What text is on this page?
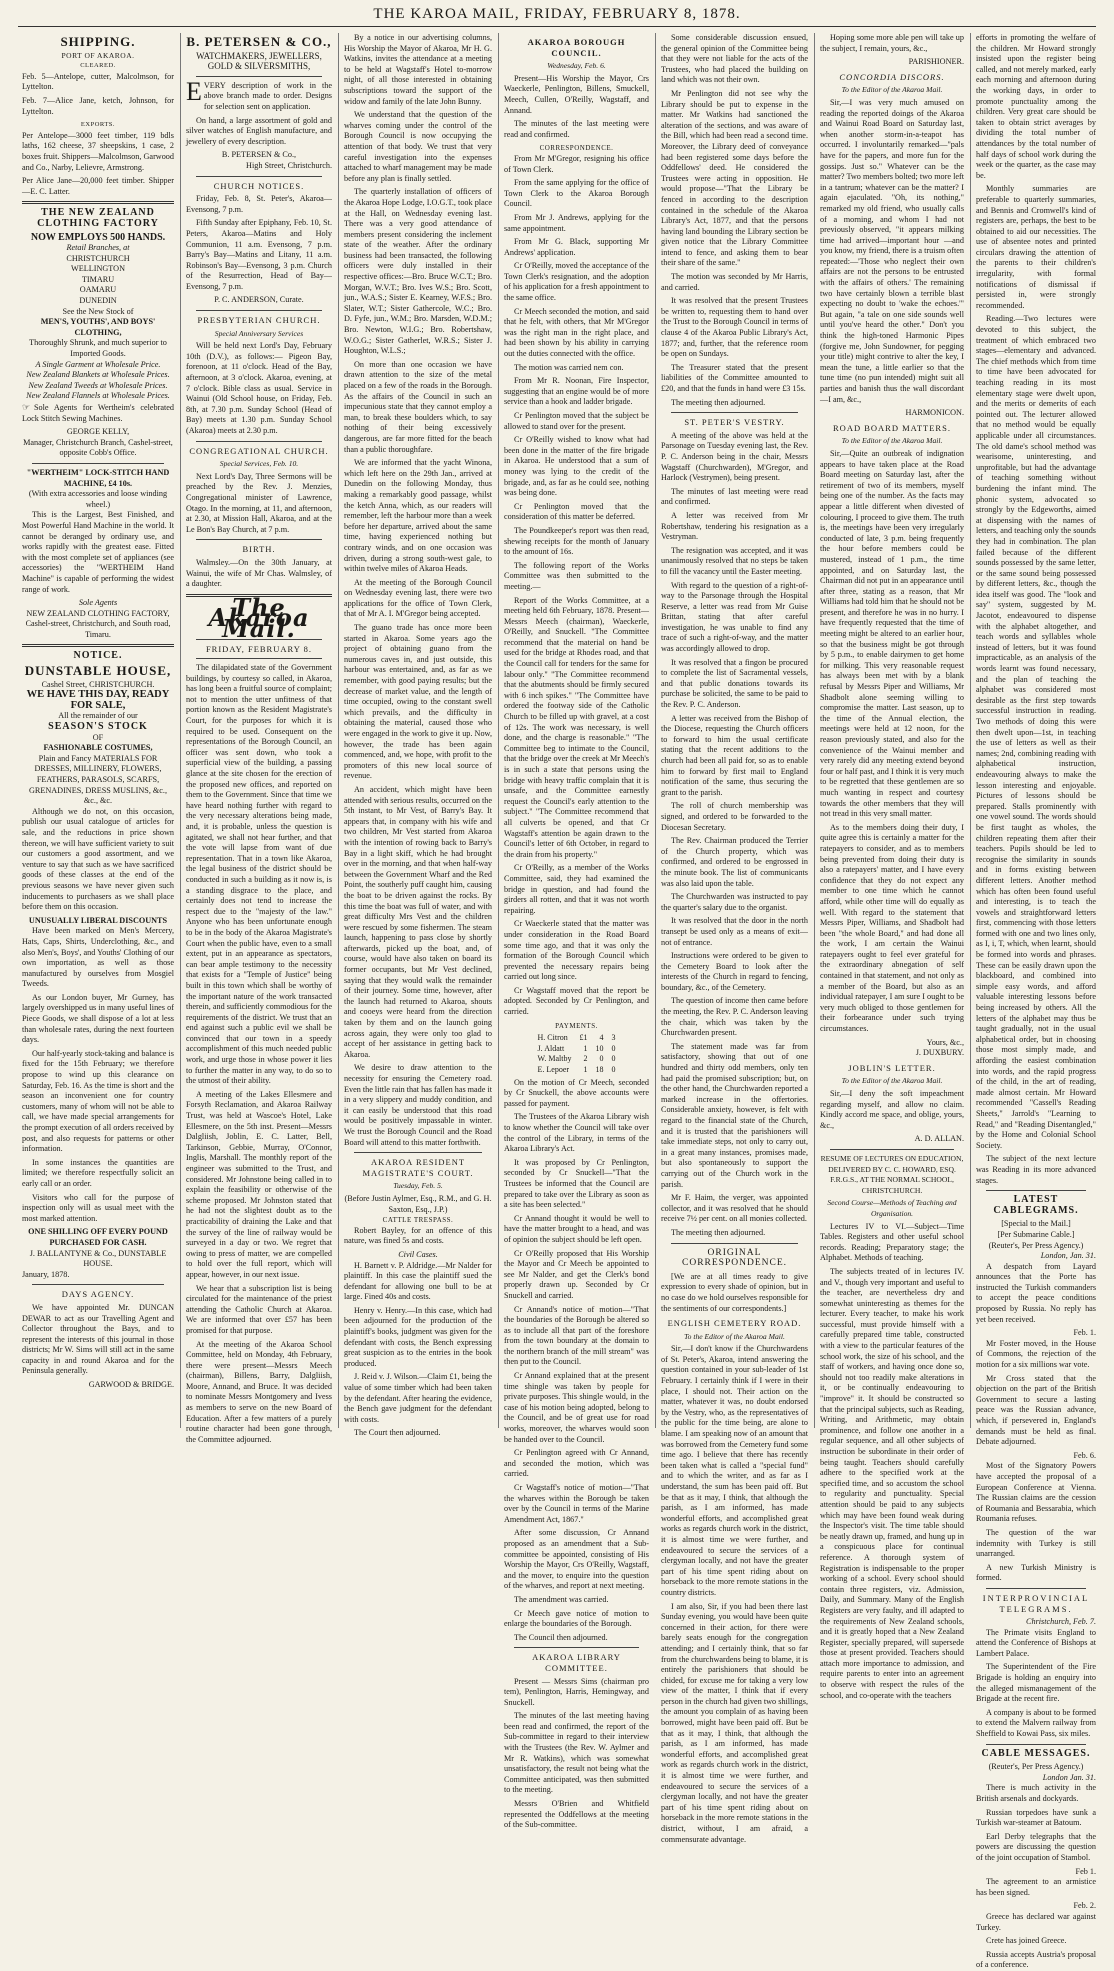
THE KAROA MAIL, FRIDAY, FEBRUARY 8, 1878.
SHIPPING.
PORT OF AKAROA.
CLEARED.

Feb. 5—Antelope, cutter, Malcolmson, for Lyttelton.

Feb. 7—Alice Jane, ketch, Johnson, for Lyttelton.

EXPORTS.

Per Antelope—3000 feet timber, 119 bdls laths, 162 cheese, 37 sheepskins, 1 case, 2 boxes fruit. Shippers—Malcolmson, Garwood and Co., Narby, Lelievre, Armstrong.

Per Alice Jane—20,000 feet timber. Shipper—E. C. Latter.

THE NEW ZEALAND CLOTHING FACTORY
NOW EMPLOYS 500 HANDS.
Retail Branches, at
CHRISTCHURCH
WELLINGTON
TIMARU
OAMARU
DUNEDIN
See the New Stock of
MEN'S, YOUTHS', AND BOYS' CLOTHING,
Thoroughly Shrunk, and much superior to Imported Goods.
A Single Garment at Wholesale Price.
New Zealand Blankets at Wholesale Prices.
New Zealand Tweeds at Wholesale Prices.
New Zealand Flannels at Wholesale Prices.

☞ Sole Agents for Wertheim's celebrated Lock Stitch Sewing Machines.

GEORGE KELLY,
Manager, Christchurch Branch, Cashel-street, opposite Cobb's Office.
"WERTHEIM" LOCK-STITCH HAND MACHINE, £4 10s.
(With extra accessories and loose winding wheel.)

This is the Largest, Best Finished, and Most Powerful Hand Machine in the world. It cannot be deranged by ordinary use, and works rapidly with the greatest ease. Fitted with the most complete set of appliances (see accessories) the "WERTHEIM Hand Machine" is capable of performing the widest range of work.

Sole Agents
NEW ZEALAND CLOTHING FACTORY, Cashel-street, Christchurch, and South road, Timaru.
NOTICE.
DUNSTABLE HOUSE,
Cashel Street, CHRISTCHURCH.
WE HAVE THIS DAY, READY FOR SALE,
All the remainder of our
SEASON'S STOCK
OF
FASHIONABLE COSTUMES,
Plain and Fancy MATERIALS FOR DRESSES, MILLINERY, FLOWERS, FEATHERS, PARASOLS, SCARFS, GRENADINES, DRESS MUSLINS, &c., &c., &c.

Although we do not, on this occasion, publish our usual catalogue of articles for sale, and the reductions in price shown thereon, we will have sufficient variety to suit our customers a good assortment, and we venture to say that such as we have sacrificed goods of these classes at the end of the previous seasons we have never given such inducements to purchasers as we shall place before them on this occasion.

UNUSUALLY LIBERAL DISCOUNTS

Have been marked on Men's Mercery, Hats, Caps, Shirts, Underclothing, &c., and also Men's, Boys', and Youths' Clothing of our own importation, as well as those manufactured by ourselves from Mosgiel Tweeds.

As our London buyer, Mr Gurney, has largely overshipped us in many useful lines of Piece Goods, we shall dispose of a lot at less than wholesale rates, during the next fourteen days.

Our half-yearly stock-taking and balance is fixed for the 15th February; we therefore propose to wind up this clearance on Saturday, Feb. 16. As the time is short and the season an inconvenient one for country customers, many of whom will not be able to call, we have made special arrangements for the prompt execution of all orders received by post, and also requests for patterns or other information.

In some instances the quantities are limited; we therefore respectfully solicit an early call or an order.

Visitors who call for the purpose of inspection only will as usual meet with the most marked attention.

ONE SHILLING OFF EVERY POUND PURCHASED FOR CASH.
J. BALLANTYNE & Co., DUNSTABLE HOUSE.
January, 1878.
DAYS AGENCY.

We have appointed Mr. DUNCAN DEWAR to act as our Travelling Agent and Collector throughout the Bays, and to represent the interests of this journal in those districts; Mr W. Sims will still act in the same capacity in and round Akaroa and for the Peninsula generally.

GARWOOD & BRIDGE.
B. PETERSEN & CO.,
WATCHMAKERS, JEWELLERS, GOLD & SILVERSMITHS,

EVERY description of work in the above branch made to order. Designs for selection sent on application.

On hand, a large assortment of gold and silver watches of English manufacture, and jewellery of every description.

B. PETERSEN & Co.,
High Street, Christchurch.
CHURCH NOTICES.

Friday, Feb. 8, St. Peter's, Akaroa—Evensong, 7 p.m.

Fifth Sunday after Epiphany, Feb. 10, St. Peters, Akaroa—Matins and Holy Communion, 11 a.m. Evensong, 7 p.m. Barry's Bay—Matins and Litany, 11 a.m. Robinson's Bay—Evensong, 3 p.m. Church of the Resurrection, Head of Bay—Evensong, 7 p.m.

P. C. ANDERSON, Curate.
PRESBYTERIAN CHURCH.
Special Anniversary Services

Will be held next Lord's Day, February 10th (D.V.), as follows:— Pigeon Bay, forenoon, at 11 o'clock. Head of the Bay, afternoon, at 3 o'clock. Akaroa, evening, at 7 o'clock. Bible class as usual. Service in Wainui (Old School house, on Friday, Feb. 8th, at 7.30 p.m. Sunday School (Head of Bay) meets at 1.30 p.m. Sunday School (Akaroa) meets at 2.30 p.m.

CONGREGATIONAL CHURCH.
Special Services, Feb. 10.

Next Lord's Day, Three Sermons will be preached by the Rev. J. Menzies, Congregational minister of Lawrence, Otago. In the morning, at 11, and afternoon, at 2.30, at Mission Hall, Akaroa, and at the Le Bon's Bay Church, at 7 p.m.

BIRTH.

Walmsley.—On the 30th January, at Wainui, the wife of Mr Chas. Walmsley, of a daughter.

The Akaroa Mail.
FRIDAY, FEBRUARY 8.

The dilapidated state of the Government buildings, by courtesy so called, in Akaroa, has long been a fruitful source of complaint; not to mention the utter unfitness of that portion known as the Resident Magistrate's Court, for the purposes for which it is required to be used. Consequent on the representations of the Borough Council, an officer was sent down, who took a superficial view of the building, a passing glance at the site chosen for the erection of the proposed new offices, and reported on them to the Government. Since that time we have heard nothing further with regard to the very necessary alterations being made, and, it is probable, unless the question is agitated, we shall not hear further, and that the vote will lapse from want of due representation. That in a town like Akaroa, the legal business of the district should be conducted in such a building as it now is, is a standing disgrace to the place, and certainly does not tend to increase the respect due to the "majesty of the law." Anyone who has been unfortunate enough to be in the body of the Akaroa Magistrate's Court when the public have, even to a small extent, put in an appearance as spectators, can bear ample testimony to the necessity that exists for a "Temple of Justice" being built in this town which shall be worthy of the important nature of the work transacted therein, and sufficiently commodious for the requirements of the district. We trust that an end against such a public evil we shall be convinced that our town in a speedy accomplishment of this much needed public work, and urge those in whose power it lies to further the matter in any way, to do so to the utmost of their ability.

A meeting of the Lakes Ellesmere and Forsyth Reclamation, and Akaroa Railway Trust, was held at Wascoe's Hotel, Lake Ellesmere, on the 5th inst. Present—Messrs Dalgliish, Joblin, E. C. Latter, Bell, Tarkinson, Gebbie, Murray, O'Connor, Inglis, Marshall. The monthly report of the engineer was submitted to the Trust, and considered. Mr Johnstone being called in to explain the feasibility or otherwise of the scheme proposed. Mr Johnston stated that he had not the slightest doubt as to the practicability of draining the Lake and that the survey of the line of railway would be surveyed in a day or two. We regret that owing to press of matter, we are compelled to hold over the full report, which will appear, however, in our next issue.

We hear that a subscription list is being circulated for the maintenance of the priest attending the Catholic Church at Akaroa. We are informed that over £57 has been promised for that purpose.

At the meeting of the Akaroa School Committee, held on Monday, 4th February, there were present—Messrs Meech (chairman), Billens, Barry, Dalgliish, Moore, Annand, and Bruce. It was decided to nominate Messrs Montgomery and Ivess as members to serve on the new Board of Education. After a few matters of a purely routine character had been gone through, the Committee adjourned.

By a notice in our advertising columns, His Worship the Mayor of Akaroa, Mr H. G. Watkins, invites the attendance at a meeting to be held at Wagstaff's Hotel to-morrow night, of all those interested in obtaining subscriptions toward the support of the widow and family of the late John Bunny.

We understand that the question of the wharves coming under the control of the Borough Council is now occupying the attention of that body. We trust that very careful investigation into the expenses attached to wharf management may be made before any plan is finally settled.

The quarterly installation of officers of the Akaroa Hope Lodge, I.O.G.T., took place at the Hall, on Wednesday evening last. There was a very good attendance of members present considering the inclement state of the weather. After the ordinary business had been transacted, the following officers were duly installed in their respective offices:—Bro. Bruce W.C.T.; Bro. Morgan, W.V.T.; Bro. Ives W.S.; Bro. Scott, jun., W.A.S.; Sister E. Kearney, W.F.S.; Bro. Slater, W.T.; Sister Gathercole, W.C.; Bro. D. Fyfe, jun., W.M.; Bro. Marsden, W.D.M.; Bro. Newton, W.I.G.; Bro. Robertshaw, W.O.G.; Sister Gatherlet, W.R.S.; Sister J. Houghton, W.L.S.;

On more than one occasion we have drawn attention to the size of the metal placed on a few of the roads in the Borough. As the affairs of the Council in such an impecunious state that they cannot employ a man, to break these boulders which, to say nothing of their being excessively dangerous, are far more fitted for the beach than a public thoroughfare.

We are informed that the yacht Winona, which left here on the 29th Jan., arrived at Dunedin on the following Monday, thus making a remarkably good passage, whilst the ketch Anna, which, as our readers will remember, left the harbour more than a week before her departure, arrived about the same time, having experienced nothing but contrary winds, and on one occasion was driven, during a strong south-west gale, to within twelve miles of Akaroa Heads.

At the meeting of the Borough Council on Wednesday evening last, there were two applications for the office of Town Clerk, that of Mr A. I. M'Gregor being accepted.

The guano trade has once more been started in Akaroa. Some years ago the project of obtaining guano from the numerous caves in, and just outside, this harbour was entertained, and, as far as we remember, with good paying results; but the decrease of market value, and the length of time occupied, owing to the constant swell which prevails, and the difficulty in obtaining the material, caused those who were engaged in the work to give it up. Now, however, the trade has been again commenced, and, we hope, with profit to the promoters of this new local source of revenue.

An accident, which might have been attended with serious results, occurred on the 5th instant, to Mr Vest, of Barry's Bay. It appears that, in company with his wife and two children, Mr Vest started from Akaroa with the intention of rowing back to Barry's Bay in a light skiff, which he had brought over in the morning, and that when half-way between the Government Wharf and the Red Point, the southerly puff caught him, causing the boat to be driven against the rocks. By this time the boat was full of water, and with great difficulty Mrs Vest and the children were rescued by some fishermen. The steam launch, happening to pass close by shortly afterwards, picked up the boat, and, of course, would have also taken on board its former occupants, but Mr Vest declined, saying that they would walk the remainder of their journey. Some time, however, after the launch had returned to Akaroa, shouts and cooeys were heard from the direction taken by them and on the launch going across again, they were only too glad to accept of her assistance in getting back to Akaroa.

We desire to draw attention to the necessity for ensuring the Cemetery road. Even the little rain that has fallen has made it in a very slippery and muddy condition, and it can easily be understood that this road would be positively impassable in winter. We trust the Borough Council and the Road Board will attend to this matter forthwith.

AKAROA RESIDENT MAGISTRATE'S COURT.
Tuesday, Feb. 5.
(Before Justin Aylmer, Esq., R.M., and G. H. Saxton, Esq., J.P.)
CATTLE TRESPASS.

Robert Bayley, for an offence of this nature, was fined 5s and costs.

Civil Cases.

H. Barnett v. P. Aldridge.—Mr Nalder for plaintiff. In this case the plaintiff sued the defendant for allowing one bull to be at large. Fined 40s and costs.

Henry v. Henry.—In this case, which had been adjourned for the production of the plaintiff's books, judgment was given for the defendant with costs, the Bench expressing great suspicion as to the entries in the book produced.

J. Reid v. J. Wilson.—Claim £1, being the value of some timber which had been taken by the defendant. After hearing the evidence, the Bench gave judgment for the defendant with costs.

The Court then adjourned.

AKAROA BOROUGH COUNCIL.
Wednesday, Feb. 6.

Present—His Worship the Mayor, Crs Waeckerle, Penlington, Billens, Smuckell, Meech, Cullen, O'Reilly, Wagstaff, and Annand.

The minutes of the last meeting were read and confirmed.

CORRESPONDENCE.

From Mr M'Gregor, resigning his office of Town Clerk.

From the same applying for the office of Town Clerk to the Akaroa Borough Council.

From Mr J. Andrews, applying for the same appointment.

From Mr G. Black, supporting Mr Andrews' application.

Cr O'Reilly, moved the acceptance of the Town Clerk's resignation, and the adoption of his application for a fresh appointment to the same office.

Cr Meech seconded the motion, and said that he felt, with others, that Mr M'Gregor was the right man in the right place, and had been shown by his ability in carrying out the duties connected with the office.

The motion was carried nem con.

From Mr R. Noonan, Fire Inspector, suggesting that an engine would be of more service than a hook and ladder brigade.

Cr Penlington moved that the subject be allowed to stand over for the present.

Cr O'Reilly wished to know what had been done in the matter of the fire brigade in Akaroa. He understood that a sum of money was lying to the credit of the brigade, and, as far as he could see, nothing was being done.

Cr Penlington moved that the consideration of this matter be deferred.

The Poundkeeper's report was then read, shewing receipts for the month of January to the amount of 16s.

The following report of the Works Committee was then submitted to the meeting.—

Report of the Works Committee, at a meeting held 6th February, 1878. Present—Messrs Meech (chairman), Waeckerle, O'Reilly, and Snuckell. "The Committee recommend that the material on hand be used for the bridge at Rhodes road, and that the Council call for tenders for the same for labour only." "The Committee recommend that the abutments should be firmly secured with 6 inch spikes." "The Committee have ordered the footway side of the Catholic Church to be filled up with gravel, at a cost of 12s. The work was necessary, is well done, and the charge is reasonable." "The Committee beg to intimate to the Council, that the bridge over the creek at Mr Meech's is in such a state that persons using the bridge with heavy traffic complain that it is unsafe, and the Committee earnestly request the Council's early attention to the subject." "The Committee recommend that all culverts be opened, and that Cr Wagstaff's attention be again drawn to the Council's letter of 6th October, in regard to the drain from his property."

Cr O'Reilly, as a member of the Works Committee, said, they had examined the bridge in question, and had found the girders all rotten, and that it was not worth repairing.

Cr Waeckerle stated that the matter was under consideration in the Road Board some time ago, and that it was only the formation of the Borough Council which prevented the necessary repairs being carried out long since.

Cr Wagstaff moved that the report be adopted. Seconded by Cr Penlington, and carried.

PAYMENTS.
H. Citron	£1	4	3
J. Aldatt	1	10	0
W. Maltby	2	0	0
E. Lepoer	1	18	0

On the motion of Cr Meech, seconded by Cr Snuckell, the above accounts were passed for payment.

The Trustees of the Akaroa Library wish to know whether the Council will take over the control of the Library, in terms of the Akaroa Library's Act.

It was proposed by Cr Penlington, seconded by Cr Snuckell—"That the Trustees be informed that the Council are prepared to take over the Library as soon as a site has been selected."

Cr Annand thought it would be well to have the matter brought to a head, and was of opinion the subject should be left open.

Cr O'Reilly proposed that His Worship the Mayor and Cr Meech be appointed to see Mr Nalder, and get the Clerk's bond properly drawn up. Seconded by Cr Snuckell and carried.

Cr Annand's notice of motion—"That the boundaries of the Borough be altered so as to include all that part of the foreshore from the town boundary at the domain to the northern branch of the mill stream" was then put to the Council.

Cr Annand explained that at the present time shingle was taken by people for private purposes. This shingle would, in the case of his motion being adopted, belong to the Council, and be of great use for road works, moreover, the wharves would soon be handed over to the Council.

Cr Penlington agreed with Cr Annand, and seconded the motion, which was carried.

Cr Wagstaff's notice of motion—"That the wharves within the Borough be taken over by the Council in terms of the Marine Amendment Act, 1867."

After some discussion, Cr Annand proposed as an amendment that a Sub-committee be appointed, consisting of His Worship the Mayor, Crs O'Reilly, Wagstaff, and the mover, to enquire into the question of the wharves, and report at next meeting.

The amendment was carried.

Cr Meech gave notice of motion to enlarge the boundaries of the Borough.

The Council then adjourned.

AKAROA LIBRARY COMMITTEE.

Present — Messrs Sims (chairman pro tem), Penlington, Harris, Hemingway, and Snuckell.

The minutes of the last meeting having been read and confirmed, the report of the Sub-committee in regard to their interview with the Trustees (the Rev. W. Aylmer and Mr R. Watkins), which was somewhat unsatisfactory, the result not being what the Committee anticipated, was then submitted to the meeting.

Messrs O'Brien and Whitfield represented the Oddfellows at the meeting of the Sub-committee.

Some considerable discussion ensued, the general opinion of the Committee being that they were not liable for the acts of the Trustees, who had placed the building on land which was not their own.

Mr Penlington did not see why the Library should be put to expense in the matter. Mr Watkins had sanctioned the alteration of the sections, and was aware of the Bill, which had been read a second time. Moreover, the Library deed of conveyance had been registered some days before the Oddfellows' deed. He considered the Trustees were acting in opposition. He would propose—"That the Library be fenced in according to the description contained in the schedule of the Akaroa Library's Act, 1877, and that the persons having land bounding the Library section be given notice that the Library Committee intend to fence, and asking them to bear their share of the same."

The motion was seconded by Mr Harris, and carried.

It was resolved that the present Trustees be written to, requesting them to hand over the Trust to the Borough Council in terms of clause 4 of the Akaroa Public Library's Act, 1877; and, further, that the reference room be open on Sundays.

The Treasurer stated that the present liabilities of the Committee amounted to £20, and that the funds in hand were £3 15s.

The meeting then adjourned.

ST. PETER'S VESTRY.

A meeting of the above was held at the Parsonage on Tuesday evening last, the Rev. P. C. Anderson being in the chair, Messrs Wagstaff (Churchwarden), M'Gregor, and Harlock (Vestrymen), being present.

The minutes of last meeting were read and confirmed.

A letter was received from Mr Robertshaw, tendering his resignation as a Vestryman.

The resignation was accepted, and it was unanimously resolved that no steps be taken to fill the vacancy until the Easter meeting.

With regard to the question of a right-of-way to the Parsonage through the Hospital Reserve, a letter was read from Mr Guise Brittan, stating that after careful investigation, he was unable to find any trace of such a right-of-way, and the matter was accordingly allowed to drop.

It was resolved that a fingon be procured to complete the list of Sacramental vessels, and that public donations towards its purchase be solicited, the same to be paid to the Rev. P. C. Anderson.

A letter was received from the Bishop of the Diocese, requesting the Church officers to forward to him the usual certificate stating that the recent additions to the church had been all paid for, so as to enable him to forward by first mail to England notification of the same, thus securing the grant to the parish.

The roll of church membership was signed, and ordered to be forwarded to the Diocesan Secretary.

The Rev. Chairman produced the Terrier of the Church property, which was confirmed, and ordered to be engrossed in the minute book. The list of communicants was also laid upon the table.

The Churchwarden was instructed to pay the quarter's salary due to the organist.

It was resolved that the door in the north transept be used only as a means of exit—not of entrance.

Instructions were ordered to be given to the Cemetery Board to look after the interests of the Church in regard to fencing, boundary, &c., of the Cemetery.

The question of income then came before the meeting, the Rev. P. C. Anderson leaving the chair, which was taken by the Churchwarden present.

The statement made was far from satisfactory, showing that out of one hundred and thirty odd members, only ten had paid the promised subscription; but, on the other hand, the Churchwarden reported a marked increase in the offertories. Considerable anxiety, however, is felt with regard to the financial state of the Church, and it is trusted that the parishioners will take immediate steps, not only to carry out, in a great many instances, promises made, but also spontaneously to support the carrying out of the Church work in the parish.

Mr F. Haim, the verger, was appointed collector, and it was resolved that he should receive 7½ per cent. on all monies collected.

The meeting then adjourned.

ORIGINAL CORRESPONDENCE.

[We are at all times ready to give expression to every shade of opinion, but in no case do we hold ourselves responsible for the sentiments of our correspondents.]

ENGLISH CEMETERY ROAD.
To the Editor of the Akaroa Mail.

Sir,—I don't know if the Churchwardens of St. Peter's, Akaroa, intend answering the question contained in your sub-leader of 1st February. I certainly think if I were in their place, I should not. Their action on the matter, whatever it was, no doubt endorsed by the Vestry, who, as the representatives of the public for the time being, are alone to blame. I am speaking now of an amount that was borrowed from the Cemetery fund some time ago. I believe that there has recently been taken what is called a "special fund" and to which the writer, and as far as I understand, the sum has been paid off. But be that as it may, I think, that although the parish, as I am informed, has made wonderful efforts, and accomplished great works as regards church work in the district, it is almost time we were further, and endeavoured to secure the services of a clergyman locally, and not have the greater part of his time spent riding about on horseback to the more remote stations in the country districts.

I am also, Sir, if you had been there last Sunday evening, you would have been quite concerned in their action, for there were barely seats enough for the congregation attending; and I certainly think, that so far from the churchwardens being to blame, it is entirely the parishioners that should be chided, for excuse me for taking a very low view of the matter, I think that if every person in the church had given two shillings, the amount you complain of as having been borrowed, might have been paid off. But be that as it may, I think, that although the parish, as I am informed, has made wonderful efforts, and accomplished great work as regards church work in the district, it is almost time we were further, and endeavoured to secure the services of a clergyman locally, and not have the greater part of his time spent riding about on horseback in the more remote stations in the district, without, I am afraid, a commensurate advantage.

Hoping some more able pen will take up the subject, I remain, yours, &c.,

PARISHIONER.
CONCORDIA DISCORS.
To the Editor of the Akaroa Mail.

Sir,—I was very much amused on reading the reported doings of the Akaroa and Wainui Road Board on Saturday last, when another storm-in-a-teapot has occurred. I involuntarily remarked—"pals have for the papers, and more fun for the gossips. Just so." Whatever can be the matter? Two members bolted; two more left in a tantrum; whatever can be the matter? I again ejaculated. "Oh, its nothing," remarked my old friend, who usually calls of a morning, and whom I had not previously observed, "it appears milking time had arrived—important hour —and you know, my friend, there is a truism often repeated:—'Those who neglect their own affairs are not the persons to be entrusted with the affairs of others.' The remaining two have certainly blown a terrible blast expecting no doubt to 'wake the echoes.'" But again, "a tale on one side sounds well until you've heard the other." Don't you think the high-toned Harmonic Pipes (forgive me, John Sundowner, for pegging your title) might contrive to alter the key, I mean the tune, a little earlier so that the tune time (no pun intended) might suit all parties and banish thus the wall discordant—I am, &c.,

HARMONICON.
ROAD BOARD MATTERS.
To the Editor of the Akaroa Mail.

Sir,—Quite an outbreak of indignation appears to have taken place at the Road Board meeting on Saturday last, after the retirement of two of its members, myself being one of the number. As the facts may appear a little different when divested of colouring, I proceed to give them. The truth is, the meetings have been very irregularly conducted of late, 3 p.m. being frequently the hour before members could be mustered, instead of 1 p.m., the time appointed, and on Saturday last, the Chairman did not put in an appearance until after three, stating as a reason, that Mr Williams had told him that he should not be present, and therefore he was in no hurry. I have frequently requested that the time of meeting might be altered to an earlier hour, so that the business might be got through by 5 p.m., to enable dairymen to get home for milking. This very reasonable request has always been met with by a blank refusal by Messrs Piper and Williams, Mr Shadbolt alone seeming willing to compromise the matter. Last season, up to the time of the Annual election, the meetings were held at 12 noon, for the reason previously stated, and also for the convenience of the Wainui member and very rarely did any meeting extend beyond four or half past, and I think it is very much to be regretted that these gentlemen are so much wanting in respect and courtesy towards the other members that they will not tread in this very small matter.

As to the members doing their duty, I quite agree this is certainly a matter for the ratepayers to consider, and as to members being prevented from doing their duty is also a ratepayers' matter, and I have every confidence that they do not expect any member to one time which he cannot afford, while other time will do equally as well. With regard to the statement that Messrs Piper, Williams, and Shadbolt had been "the whole Board," and had done all the work, I am certain the Wainui ratepayers ought to feel ever grateful for the extraordinary abnegation of self contained in that statement, and not only as a member of the Board, but also as an individual ratepayer, I am sure I ought to be very much obliged to those gentlemen for their forbearance under such trying circumstances.

Yours, &c.,
J. DUXBURY.
JOBLIN'S LETTER.
To the Editor of the Akaroa Mail.

Sir,—I deny the soft impeachment regarding myself, and allow no claim. Kindly accord me space, and oblige, yours, &c.,

A. D. ALLAN.
RESUME OF LECTURES ON EDUCATION, DELIVERED BY C. C. HOWARD, ESQ. F.R.G.S., AT THE NORMAL SCHOOL, CHRISTCHURCH.
Second Course—Methods of Teaching and Organisation.

Lectures IV to VI.—Subject—Time Tables. Registers and other useful school records. Reading; Preparatory stage; the Alphabet. Methods of teaching.

The subjects treated of in lectures IV. and V., though very important and useful to the teacher, are nevertheless dry and somewhat uninteresting as themes for the lecturer. Every teacher, to make his work successful, must provide himself with a carefully prepared time table, constructed with a view to the particular features of the school work, the size of his school, and the staff of workers, and having once done so, should not too readily make alterations in it, or be continually endeavouring to "improve" it. It should be constructed so that the principal subjects, such as Reading, Writing, and Arithmetic, may obtain prominence, and follow one another in a regular sequence, and all other subjects of instruction be subordinate in their order of being taught. Teachers should carefully adhere to the specified work at the specified time, and so accustom the school to regularity and punctuality. Special attention should be paid to any subjects which may have been found weak during the Inspector's visit. The time table should be neatly drawn up, framed, and hung up in a conspicuous place for continual reference. A thorough system of Registration is indispensable to the proper working of a school. Every school should contain three registers, viz. Admission, Daily, and Summary. Many of the English Registers are very faulty, and ill adapted to the requirements of New Zealand schools, and it is greatly hoped that a New Zealand Register, specially prepared, will supersede those at present provided. Teachers should attach more importance to admission, and require parents to enter into an agreement to observe with respect the rules of the school, and co-operate with the teachers

efforts in promoting the welfare of the children. Mr Howard strongly insisted upon the register being called, and not merely marked, early each morning and afternoon during the working days, in order to promote punctuality among the children. Very great care should be taken to obtain strict averages by dividing the total number of attendances by the total number of half days of school work during the week or the quarter, as the case may be.

Monthly summaries are preferable to quarterly summaries, and Bennis and Cromwell's kind of registers are, perhaps, the best to be obtained to aid our necessities. The use of absentee notes and printed circulars drawing the attention of the parents to their children's irregularity, with formal notifications of dismissal if persisted in, were strongly recommended.

Reading.—Two lectures were devoted to this subject, the treatment of which embraced two stages—elementary and advanced. The chief methods which from time to time have been advocated for teaching reading in its most elementary stage were dwelt upon, and the merits or demerits of each pointed out. The lecturer allowed that no method would be equally applicable under all circumstances. The old dame's school method was wearisome, uninteresting, and unprofitable, but had the advantage of teaching something without burdening the infant mind. The phonic system, advocated so strongly by the Edgeworths, aimed at dispensing with the names of letters, and teaching only the sounds they had in combination. The plan failed because of the different sounds possessed by the same letter, or the same sound being possessed by different letters, &c., though the idea itself was good. The "look and say" system, suggested by M. Jacotot, endeavoured to dispense with the alphabet altogether, and teach words and syllables whole instead of letters, but it was found impracticable, as an analysis of the words learnt was found necessary, and the plan of teaching the alphabet was considered most desirable as the first step towards successful instruction in reading. Two methods of doing this were then dwelt upon—1st, in teaching the use of letters as well as their names; 2nd, combining reading with alphabetical instruction, endeavouring always to make the lesson interesting and enjoyable. Pictures of lessons should be prepared. Stalls prominently with one vowel sound. The words should be first taught as wholes, the children repeating them after their teachers. Pupils should be led to recognise the similarity in sounds and in forms existing between different letters. Another method which has often been found useful and interesting, is to teach the vowels and straightforward letters first, commencing with those letters formed with one and two lines only, as I, i, T, which, when learnt, should be formed into words and phrases. These can be easily drawn upon the blackboard, and combined into simple easy words, and afford valuable interesting lessons before being increased by others. All the letters of the alphabet may thus be taught gradually, not in the usual alphabetical order, but in choosing those most simply made, and affording the easiest combination into words, and the rapid progress of the child, in the art of reading, made almost certain. Mr Howard recommended "Cassell's Reading Sheets," Jarrold's "Learning to Read," and "Reading Disentangled," by the Home and Colonial School Society.

The subject of the next lecture was Reading in its more advanced stages.

LATEST CABLEGRAMS.
[Special to the Mail.]
[Per Submarine Cable.]
(Reuter's, Per Press Agency.)
London, Jan. 31.

A despatch from Layard announces that the Porte has instructed the Turkish commanders to accept the peace conditions proposed by Russia. No reply has yet been received.

Feb. 1.

Mr Foster moved, in the House of Commons, the rejection of the motion for a six millions war vote.

Mr Cross stated that the objection on the part of the British Government to secure a lasting peace was the Russian advance, which, if persevered in, England's demands must be held as final. Debate adjourned.

Feb. 6.

Most of the Signatory Powers have accepted the proposal of a European Conference at Vienna. The Russian claims are the cession of Roumania and Bessarabia, which Roumania refuses.

The question of the war indemnity with Turkey is still unarranged.

A new Turkish Ministry is formed.

INTERPROVINCIAL TELEGRAMS.
Christchurch, Feb. 7.

The Primate visits England to attend the Conference of Bishops at Lambert Palace.

The Superintendent of the Fire Brigade is holding an enquiry into the alleged mismanagement of the Brigade at the recent fire.

A company is about to be formed to extend the Malvern railway from Sheffield to Kowai Pass, six miles.

CABLE MESSAGES.
(Reuter's, Per Press Agency.)
London Jan. 31.

There is much activity in the British arsenals and dockyards.

Russian torpedoes have sunk a Turkish war-steamer at Batoum.

Earl Derby telegraphs that the powers are discussing the question of the joint occupation of Stambol.

Feb 1.

The agreement to an armistice has been signed.

Feb. 2.

Greece has declared war against Turkey.

Crete has joined Greece.

Russia accepts Austria's proposal of a conference.
